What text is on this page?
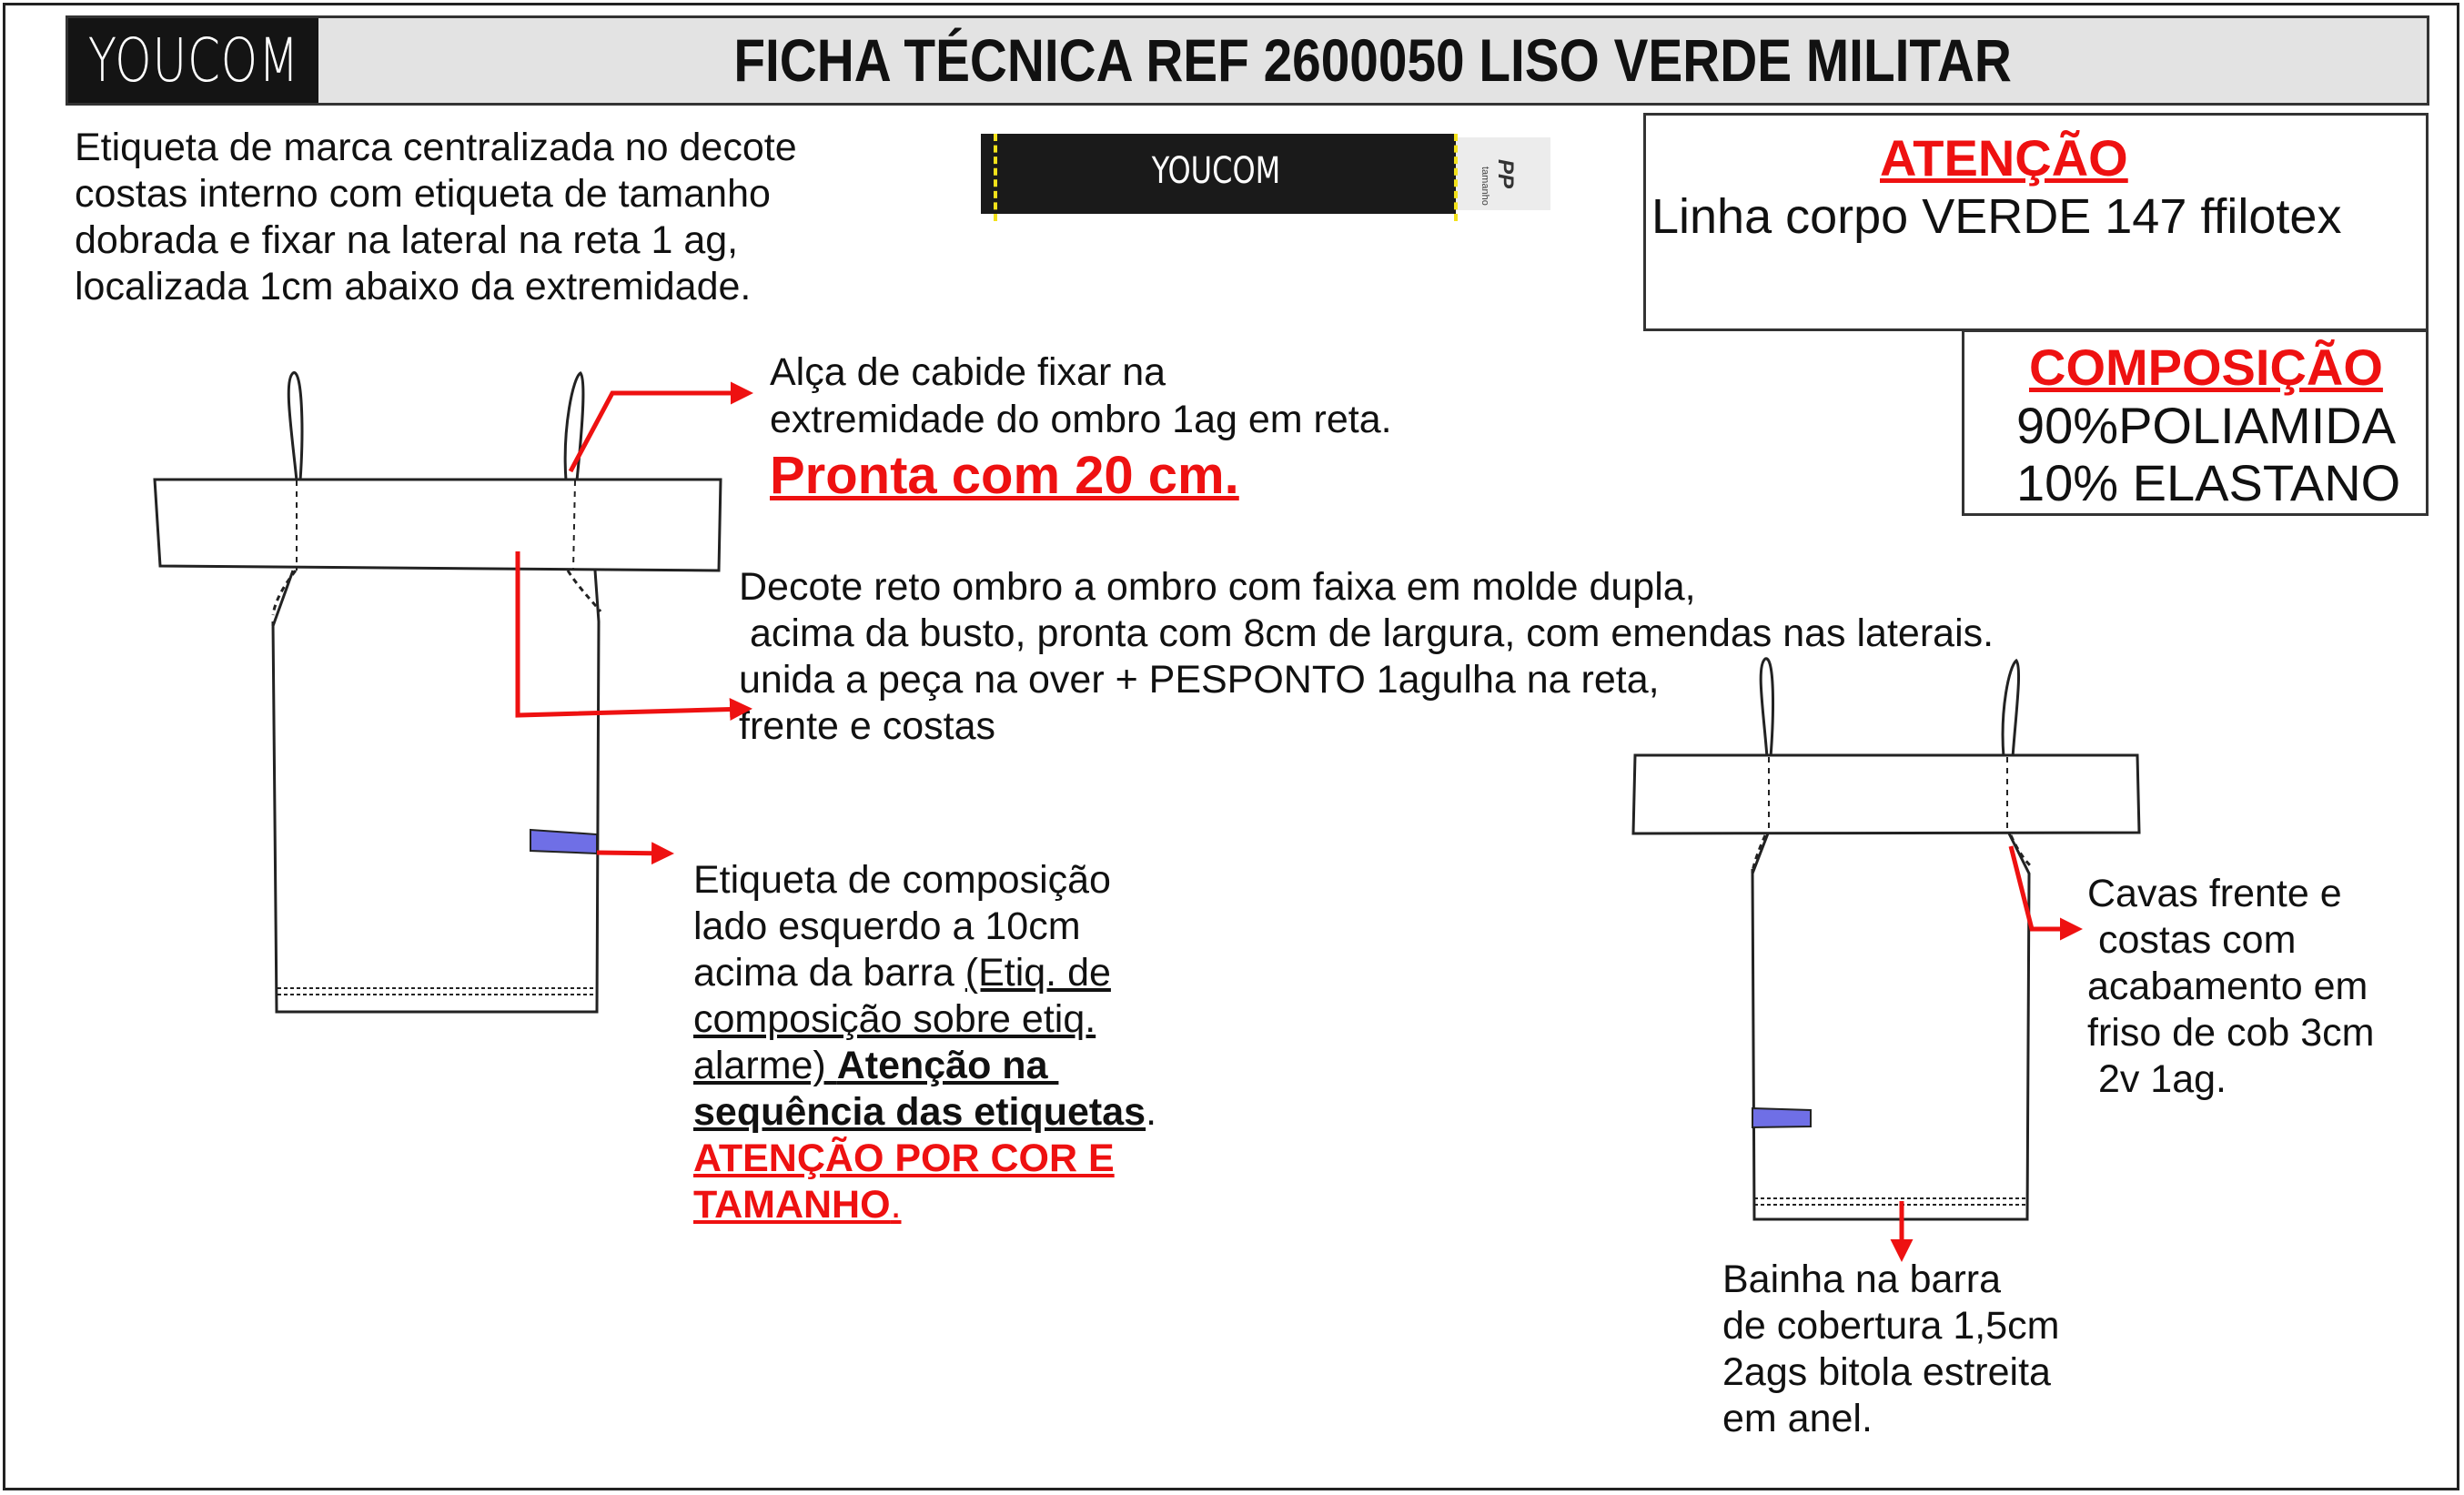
YOUCOM	FICHA TÉCNICA REF 2600050 LISO VERDE MILITAR
Etiqueta de marca centralizada no decote
costas interno com etiqueta de tamanho
dobrada e fixar na lateral na reta 1 ag,
localizada 1cm abaixo da extremidade.
YOUCOM	tamanho PP	ATENÇÃO
Linha corpo VERDE 147 ffilotex
COMPOSIÇÃO
90%POLIAMIDA
10% ELASTANO
Alça de cabide fixar na
extremidade do ombro 1ag em reta.
Pronta com 20 cm.
Decote reto ombro a ombro com faixa em molde dupla,
acima da busto, pronta com 8cm de largura, com emendas nas laterais.
unida a peça na over + PESPONTO 1agulha na reta,
frente e costas
Etiqueta de composição
lado esquerdo a 10cm
acima da barra (Etiq. de
composição sobre etiq.
alarme) Atenção na
sequência das etiquetas.
ATENÇÃO POR COR E
TAMANHO.
Cavas frente e
costas com
acabamento em
friso de cob 3cm
2v 1ag.
Bainha na barra
de cobertura 1,5cm
2ags bitola estreita
em anel.
